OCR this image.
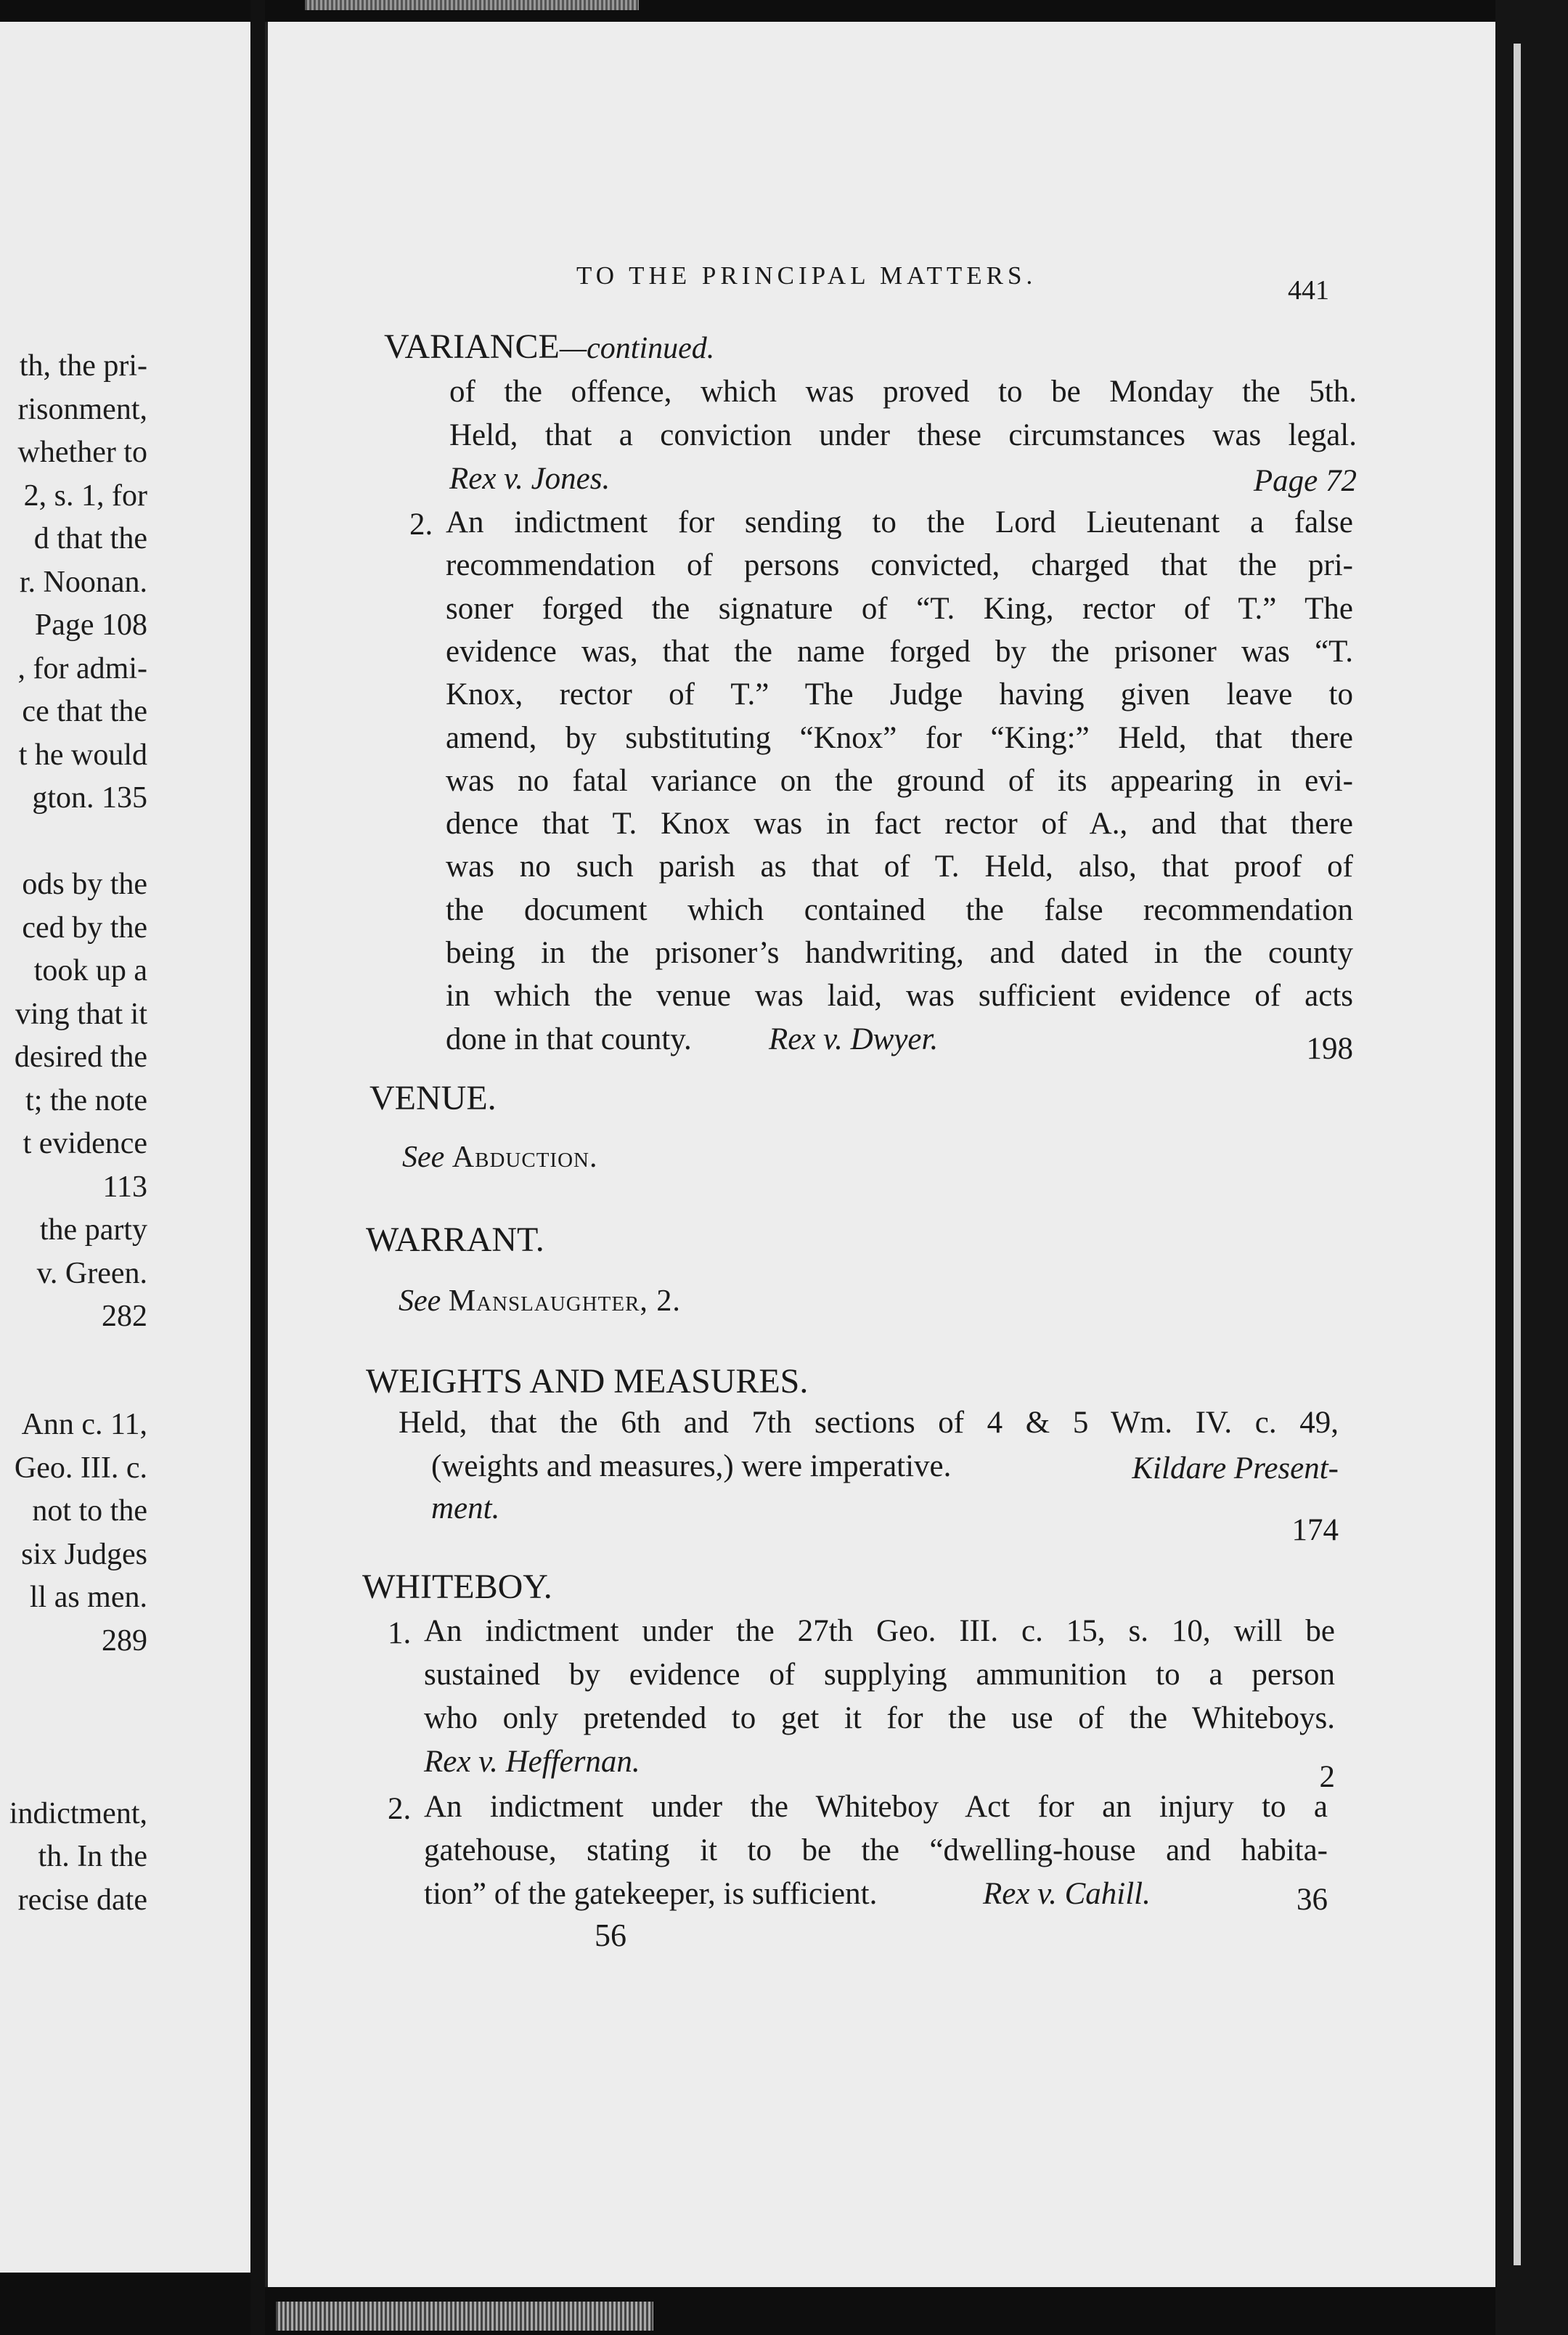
th, the pri-
risonment,
whether to
2, s. 1, for
d that the
r. Noonan.
Page 108
, for admi-
ce that the
t he would
gton. 135
ods by the
ced by the
took up a
ving that it
desired the
t; the note
t evidence
113
the party
v. Green.
282
Ann c. 11,
Geo. III. c.
not to the
six Judges
ll as men.
289
indictment,
th. In the
recise date
TO THE PRINCIPAL MATTERS.	441
VARIANCE—continued.
of the offence, which was proved to be Monday the 5th.
Held, that a conviction under these circumstances was legal.
Rex v. Jones.	Page 72
2. An indictment for sending to the Lord Lieutenant a false
recommendation of persons convicted, charged that the pri-
soner forged the signature of “T. King, rector of T.” The
evidence was, that the name forged by the prisoner was “T.
Knox, rector of T.” The Judge having given leave to
amend, by substituting “Knox” for “King:” Held, that there
was no fatal variance on the ground of its appearing in evi-
dence that T. Knox was in fact rector of A., and that there
was no such parish as that of T. Held, also, that proof of
the document which contained the false recommendation
being in the prisoner’s handwriting, and dated in the county
in which the venue was laid, was sufficient evidence of acts
done in that county. Rex v. Dwyer.	198
VENUE.
See Abduction.
WARRANT.
See Manslaughter, 2.
WEIGHTS AND MEASURES.
Held, that the 6th and 7th sections of 4 & 5 Wm. IV. c. 49,
(weights and measures,) were imperative.	Kildare Present-
ment.
174
WHITEBOY.
1. An indictment under the 27th Geo. III. c. 15, s. 10, will be
sustained by evidence of supplying ammunition to a person
who only pretended to get it for the use of the Whiteboys.
Rex v. Heffernan.	2
2. An indictment under the Whiteboy Act for an injury to a
gatehouse, stating it to be the “dwelling-house and habita-
tion” of the gatekeeper, is sufficient.	Rex v. Cahill.	36
56
